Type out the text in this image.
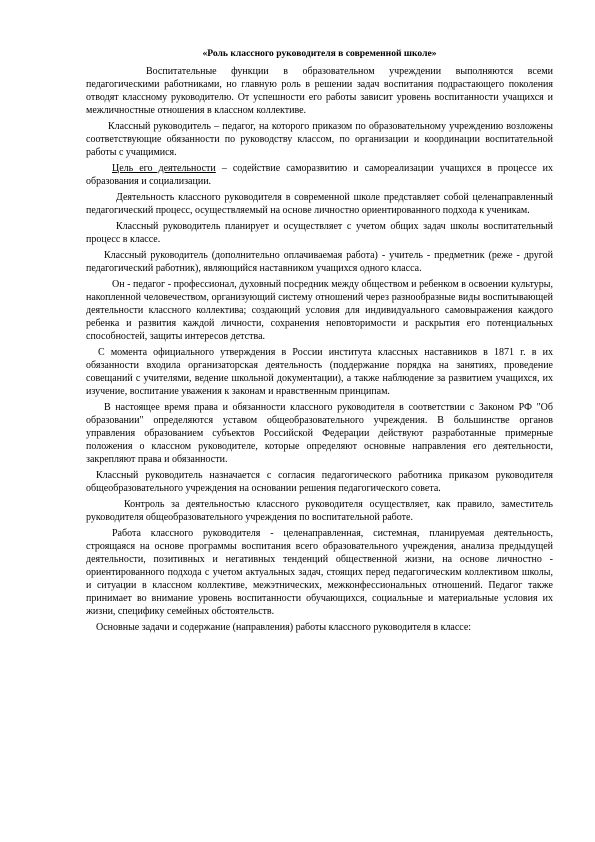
«Роль классного руководителя в современной школе»

Воспитательные функции в образовательном учреждении выполняются всеми педагогическими работниками, но главную роль в решении задач воспитания подрастающего поколения отводят классному руководителю. От успешности его работы зависит уровень воспитанности учащихся и межличностные отношения в классном коллективе.

Классный руководитель – педагог, на которого приказом по образовательному учреждению возложены соответствующие обязанности по руководству классом, по организации и координации воспитательной работы с учащимися.

Цель его деятельности – содействие саморазвитию и самореализации учащихся в процессе их образования и социализации.

Деятельность классного руководителя в современной школе представляет собой целенаправленный педагогический процесс, осуществляемый на основе личностно ориентированного подхода к ученикам.

Классный руководитель планирует и осуществляет с учетом общих задач школы воспитательный процесс в классе.

Классный руководитель (дополнительно оплачиваемая работа) - учитель - предметник (реже - другой педагогический работник), являющийся наставником учащихся одного класса.

Он - педагог - профессионал, духовный посредник между обществом и ребенком в освоении культуры, накопленной человечеством, организующий систему отношений через разнообразные виды воспитывающей деятельности классного коллектива; создающий условия для индивидуального самовыражения каждого ребенка и развития каждой личности, сохранения неповторимости и раскрытия его потенциальных способностей, защиты интересов детства.

С момента официального утверждения в России института классных наставников в 1871 г. в их обязанности входила организаторская деятельность (поддержание порядка на занятиях, проведение совещаний с учителями, ведение школьной документации), а также наблюдение за развитием учащихся, их изучение, воспитание уважения к законам и нравственным принципам.

В настоящее время права и обязанности классного руководителя в соответствии с Законом РФ "Об образовании" определяются уставом общеобразовательного учреждения. В большинстве органов управления образованием субъектов Российской Федерации действуют разработанные примерные положения о классном руководителе, которые определяют основные направления его деятельности, закрепляют права и обязанности.

Классный руководитель назначается с согласия педагогического работника приказом руководителя общеобразовательного учреждения на основании решения педагогического совета.

Контроль за деятельностью классного руководителя осуществляет, как правило, заместитель руководителя общеобразовательного учреждения по воспитательной работе.

Работа классного руководителя - целенаправленная, системная, планируемая деятельность, строящаяся на основе программы воспитания всего образовательного учреждения, анализа предыдущей деятельности, позитивных и негативных тенденций общественной жизни, на основе личностно - ориентированного подхода с учетом актуальных задач, стоящих перед педагогическим коллективом школы, и ситуации в классном коллективе, межэтнических, межконфессиональных отношений. Педагог также принимает во внимание уровень воспитанности обучающихся, социальные и материальные условия их жизни, специфику семейных обстоятельств.

Основные задачи и содержание (направления) работы классного руководителя в классе:
